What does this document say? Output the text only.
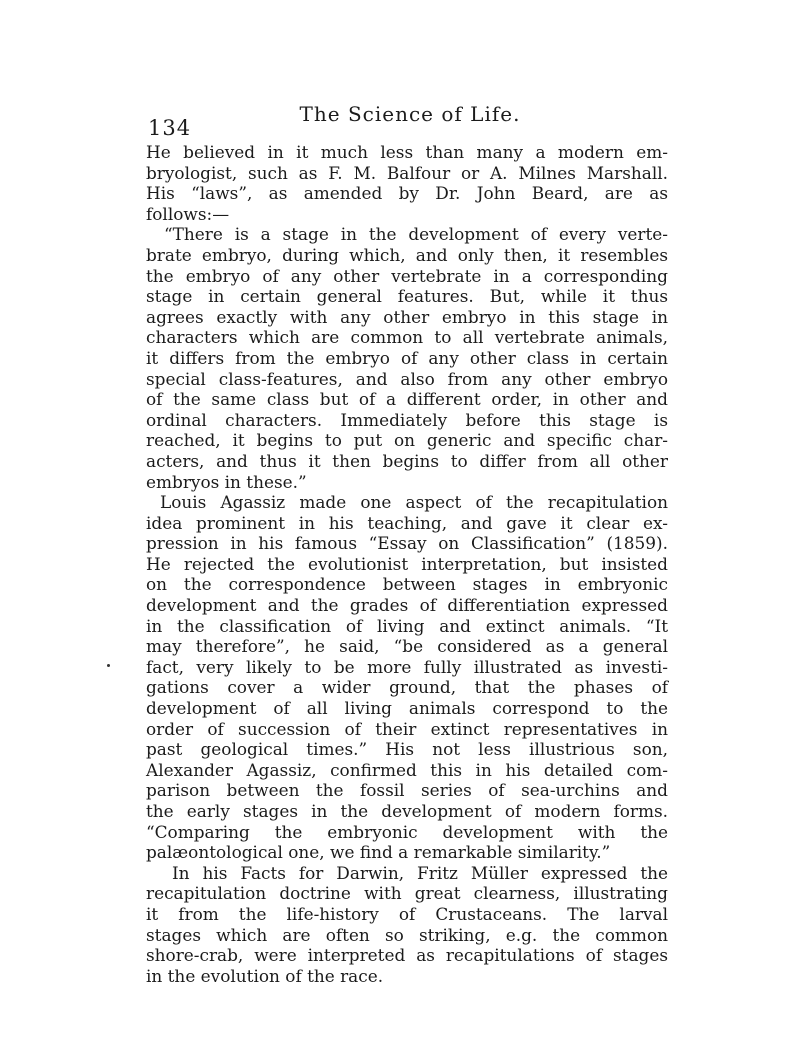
134
The Science of Life.
He believed in it much less than many a modern em-
bryologist, such as F. M. Balfour or A. Milnes Marshall.
His “laws”, as amended by Dr. John Beard, are as
follows:—
“There is a stage in the development of every verte-
brate embryo, during which, and only then, it resembles
the embryo of any other vertebrate in a corresponding
stage in certain general features. But, while it thus
agrees exactly with any other embryo in this stage in
characters which are common to all vertebrate animals,
it differs from the embryo of any other class in certain
special class-features, and also from any other embryo
of the same class but of a different order, in other and
ordinal characters. Immediately before this stage is
reached, it begins to put on generic and specific char-
acters, and thus it then begins to differ from all other
embryos in these.”
Louis Agassiz made one aspect of the recapitulation
idea prominent in his teaching, and gave it clear ex-
pression in his famous “Essay on Classification” (1859).
He rejected the evolutionist interpretation, but insisted
on the correspondence between stages in embryonic
development and the grades of differentiation expressed
in the classification of living and extinct animals. “It
may therefore”, he said, “be considered as a general
fact, very likely to be more fully illustrated as investi-
gations cover a wider ground, that the phases of
development of all living animals correspond to the
order of succession of their extinct representatives in
past geological times.” His not less illustrious son,
Alexander Agassiz, confirmed this in his detailed com-
parison between the fossil series of sea-urchins and
the early stages in the development of modern forms.
“Comparing the embryonic development with the
palæontological one, we find a remarkable similarity.”
In his Facts for Darwin, Fritz Müller expressed the
recapitulation doctrine with great clearness, illustrating
it from the life-history of Crustaceans. The larval
stages which are often so striking, e.g. the common
shore-crab, were interpreted as recapitulations of stages
in the evolution of the race.
